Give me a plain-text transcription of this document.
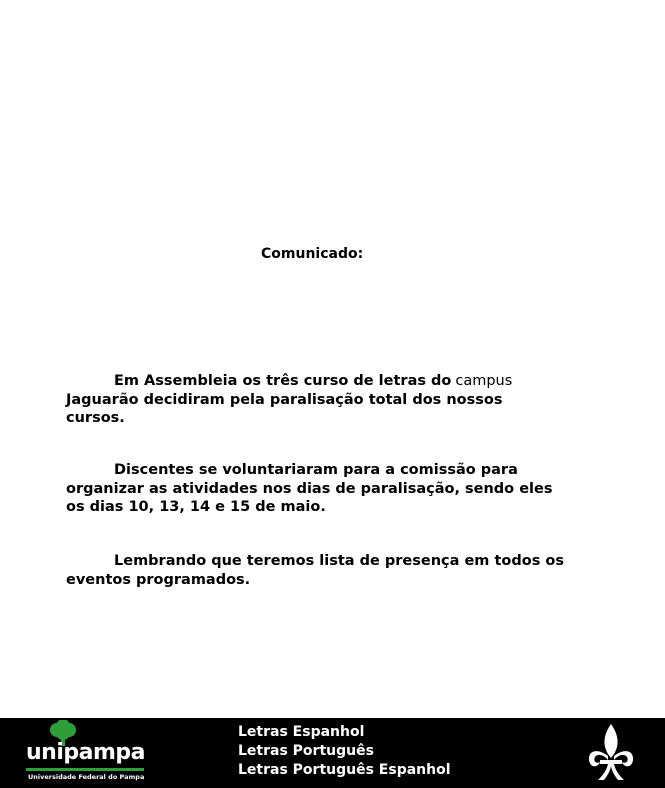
Comunicado:
Em Assembleia os três curso de letras do campus
Jaguarão decidiram pela paralisação total dos nossos
cursos.
Discentes se voluntariaram para a comissão para
organizar as atividades nos dias de paralisação, sendo eles
os dias 10, 13, 14 e 15 de maio.
Lembrando que teremos lista de presença em todos os
eventos programados.
unipampa
Universidade Federal do Pampa
Letras Espanhol
Letras Português
Letras Português Espanhol
